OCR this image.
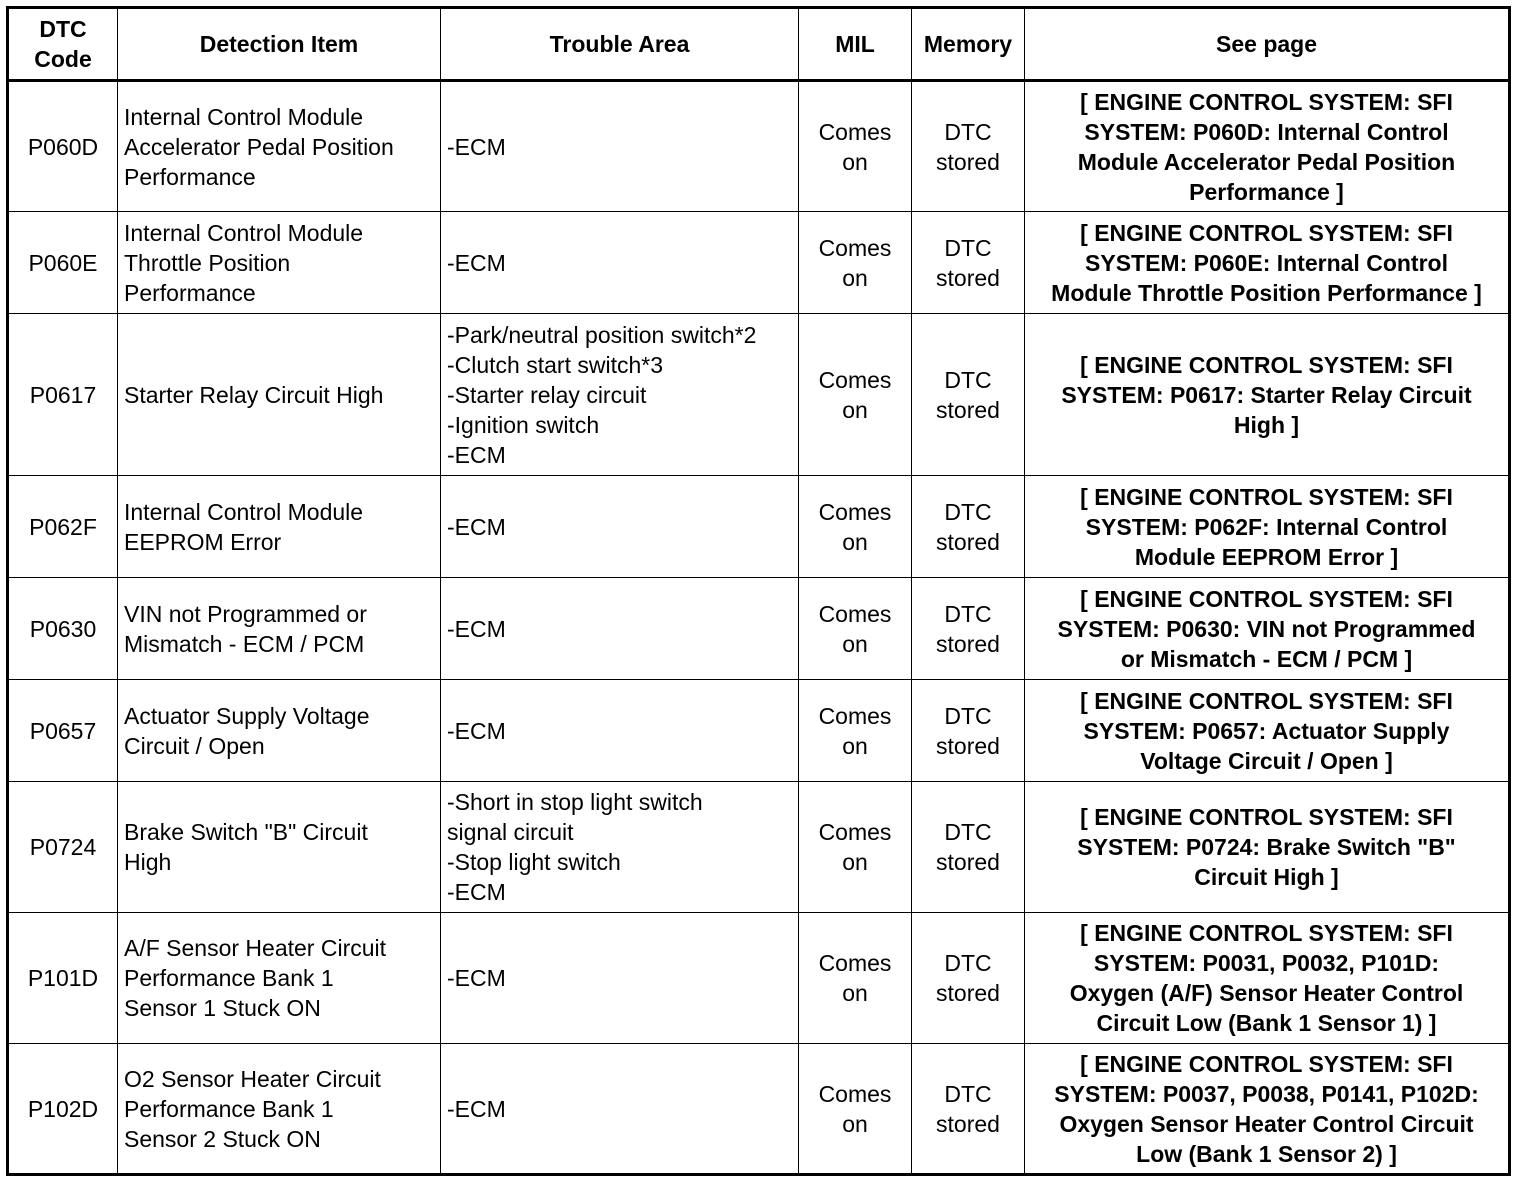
DTC
Code	Detection Item	Trouble Area	MIL	Memory	See page
P060D	Internal Control Module
Accelerator Pedal Position
Performance	-ECM	Comes
on	DTC
stored	[ ENGINE CONTROL SYSTEM: SFI
SYSTEM: P060D: Internal Control
Module Accelerator Pedal Position
Performance ]
P060E	Internal Control Module
Throttle Position
Performance	-ECM	Comes
on	DTC
stored	[ ENGINE CONTROL SYSTEM: SFI
SYSTEM: P060E: Internal Control
Module Throttle Position Performance ]
P0617	Starter Relay Circuit High	-Park/neutral position switch*2
-Clutch start switch*3
-Starter relay circuit
-Ignition switch
-ECM	Comes
on	DTC
stored	[ ENGINE CONTROL SYSTEM: SFI
SYSTEM: P0617: Starter Relay Circuit
High ]
P062F	Internal Control Module
EEPROM Error	-ECM	Comes
on	DTC
stored	[ ENGINE CONTROL SYSTEM: SFI
SYSTEM: P062F: Internal Control
Module EEPROM Error ]
P0630	VIN not Programmed or
Mismatch - ECM / PCM	-ECM	Comes
on	DTC
stored	[ ENGINE CONTROL SYSTEM: SFI
SYSTEM: P0630: VIN not Programmed
or Mismatch - ECM / PCM ]
P0657	Actuator Supply Voltage
Circuit / Open	-ECM	Comes
on	DTC
stored	[ ENGINE CONTROL SYSTEM: SFI
SYSTEM: P0657: Actuator Supply
Voltage Circuit / Open ]
P0724	Brake Switch "B" Circuit
High	-Short in stop light switch
signal circuit
-Stop light switch
-ECM	Comes
on	DTC
stored	[ ENGINE CONTROL SYSTEM: SFI
SYSTEM: P0724: Brake Switch "B"
Circuit High ]
P101D	A/F Sensor Heater Circuit
Performance Bank 1
Sensor 1 Stuck ON	-ECM	Comes
on	DTC
stored	[ ENGINE CONTROL SYSTEM: SFI
SYSTEM: P0031, P0032, P101D:
Oxygen (A/F) Sensor Heater Control
Circuit Low (Bank 1 Sensor 1) ]
P102D	O2 Sensor Heater Circuit
Performance Bank 1
Sensor 2 Stuck ON	-ECM	Comes
on	DTC
stored	[ ENGINE CONTROL SYSTEM: SFI
SYSTEM: P0037, P0038, P0141, P102D:
Oxygen Sensor Heater Control Circuit
Low (Bank 1 Sensor 2) ]
